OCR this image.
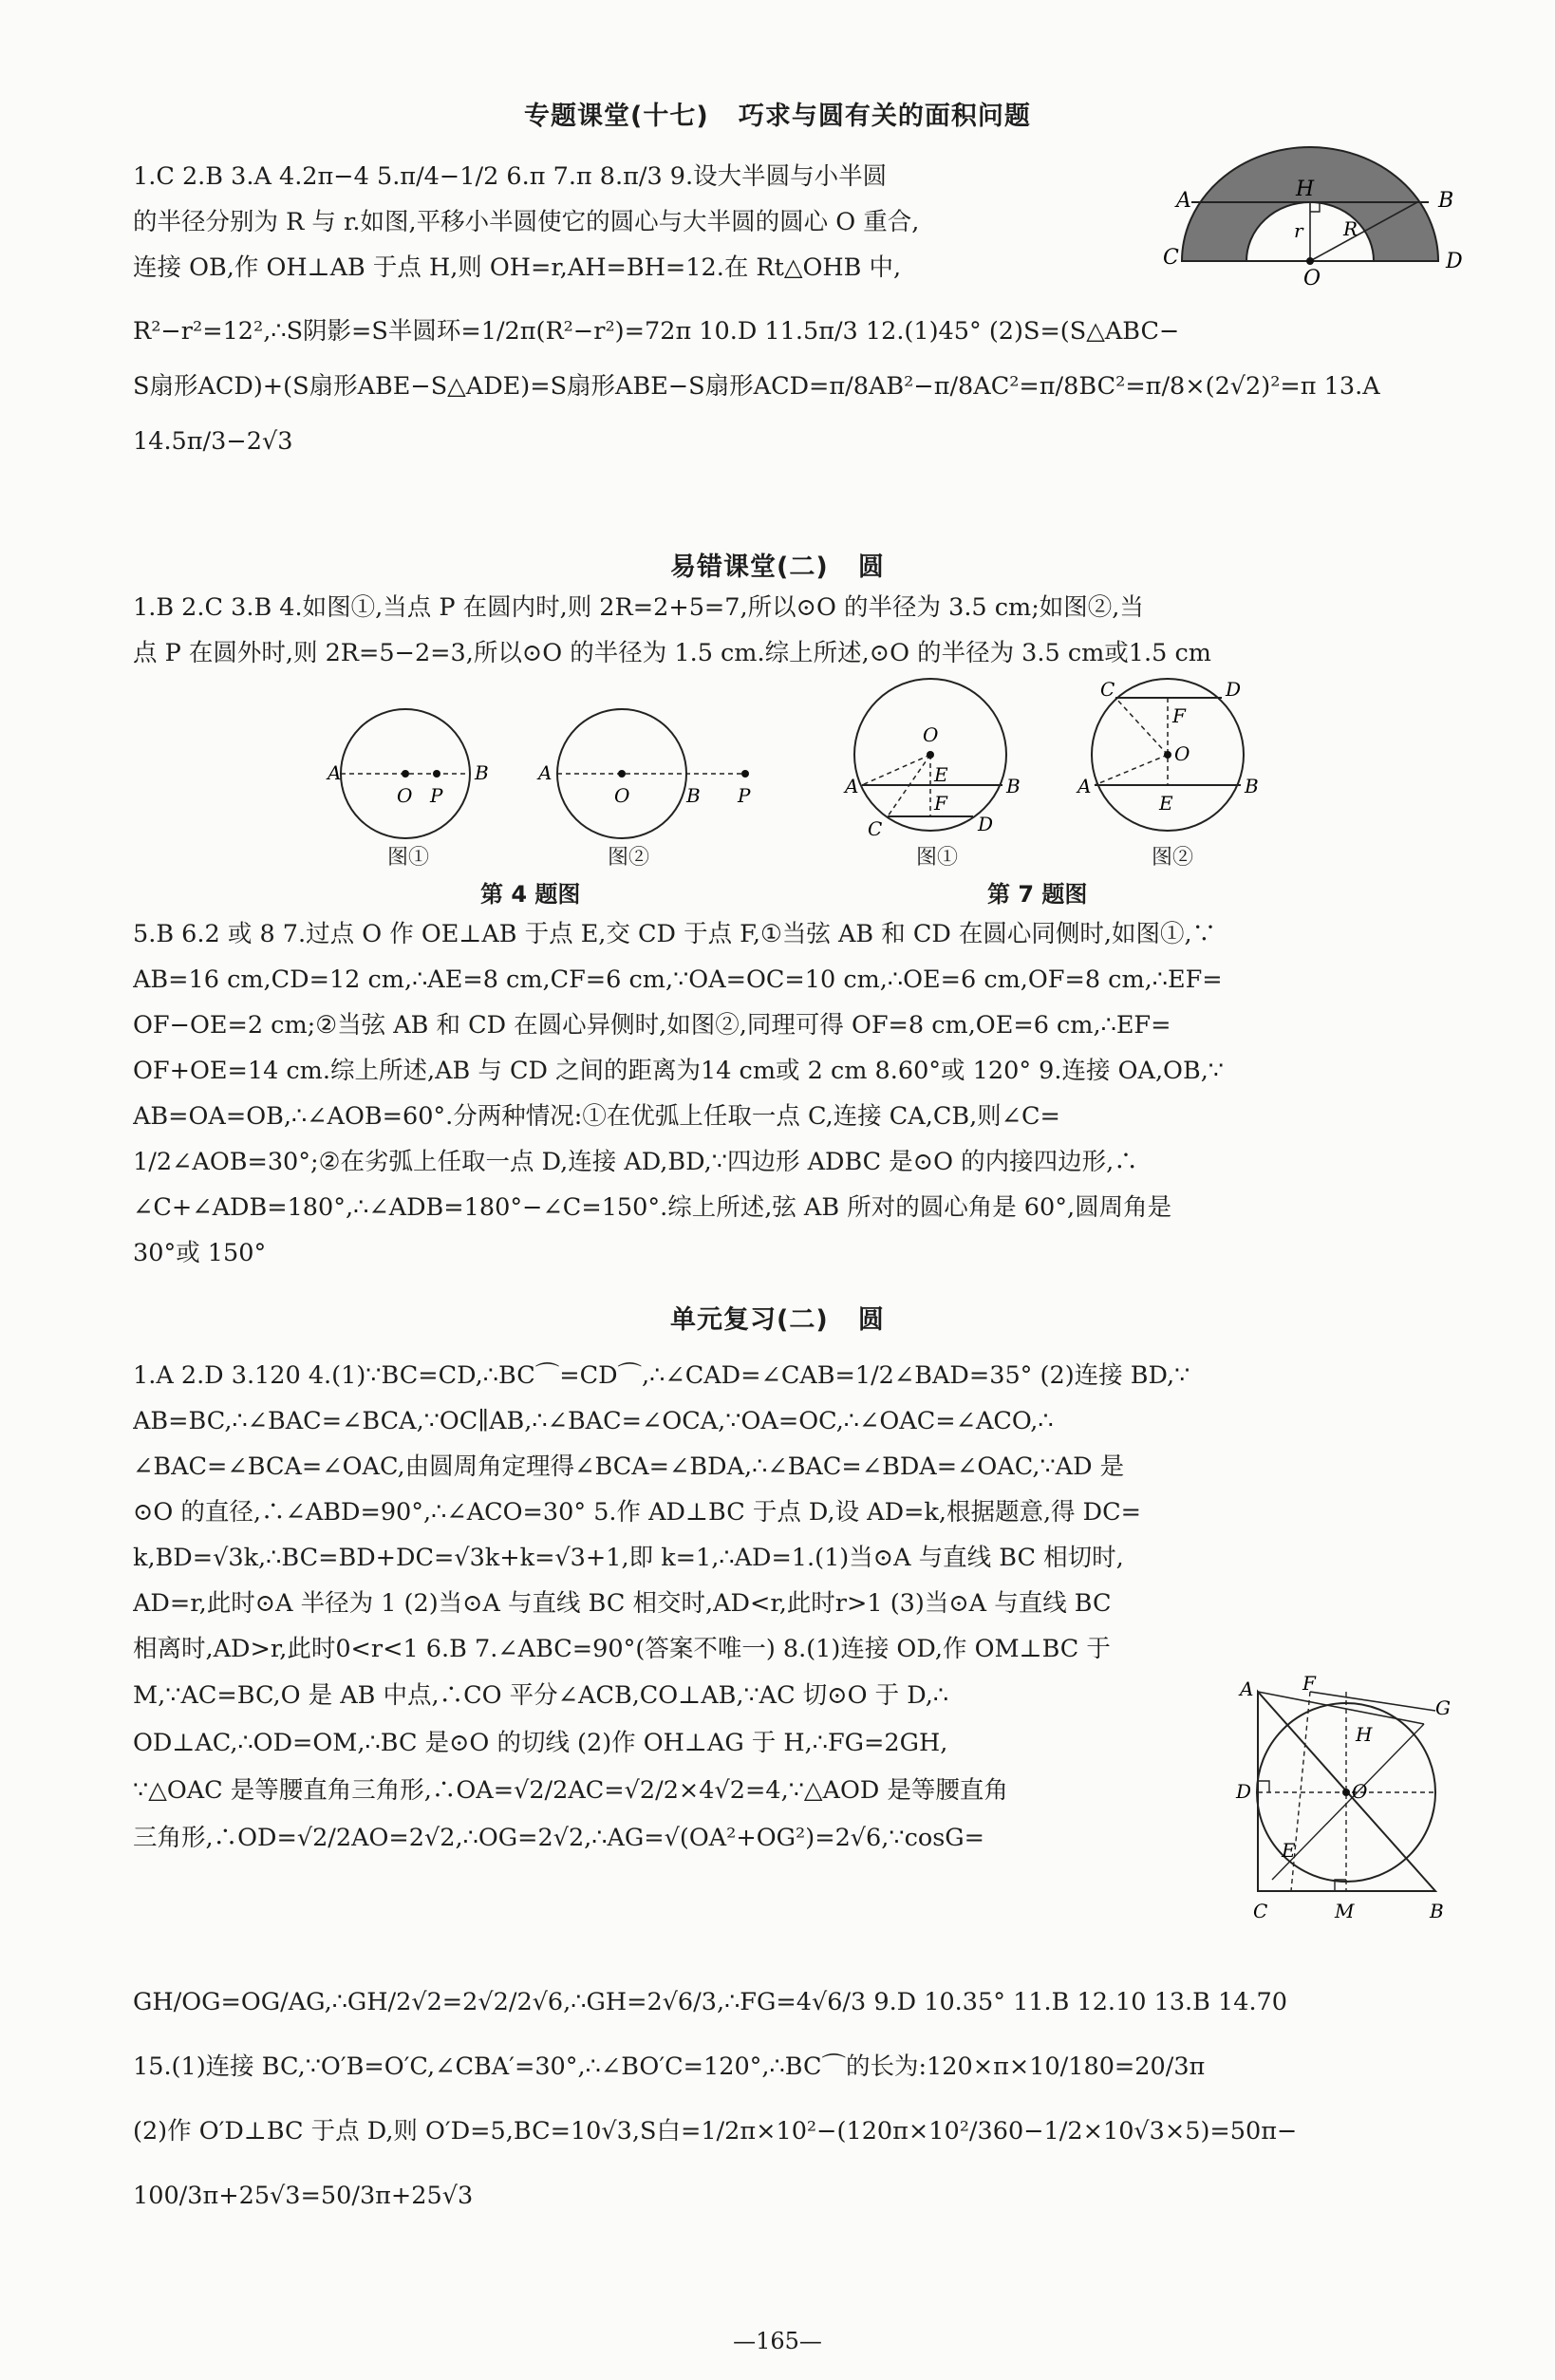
专题课堂(十七)   巧求与圆有关的面积问题
1.C 2.B 3.A 4.2π−4 5.π/4−1/2 6.π 7.π 8.π/3 9.设大半圆与小半圆
的半径分别为 R 与 r.如图,平移小半圆使它的圆心与大半圆的圆心 O 重合,
连接 OB,作 OH⊥AB 于点 H,则 OH=r,AH=BH=12.在 Rt△OHB 中,
R²−r²=12²,∴S阴影=S半圆环=1/2π(R²−r²)=72π 10.D 11.5π/3 12.(1)45° (2)S=(S△ABC−
S扇形ACD)+(S扇形ABE−S△ADE)=S扇形ABE−S扇形ACD=π/8AB²−π/8AC²=π/8BC²=π/8×(2√2)²=π 13.A
14.5π/3−2√3
A	H	B
r R
C
O
D
易错课堂(二)   圆
1.B 2.C 3.B 4.如图①,当点 P 在圆内时,则 2R=2+5=7,所以⊙O 的半径为 3.5 cm;如图②,当
点 P 在圆外时,则 2R=5−2=3,所以⊙O 的半径为 1.5 cm.综上所述,⊙O 的半径为 3.5 cm或1.5 cm
A
O P
B

图①

A
O	B P

图②

第 4 题图

O
A	B
E
F
C	D

图①

C	D
F
O
A	B
E

图②

第 7 题图

5.B 6.2 或 8 7.过点 O 作 OE⊥AB 于点 E,交 CD 于点 F,①当弦 AB 和 CD 在圆心同侧时,如图①,∵
AB=16 cm,CD=12 cm,∴AE=8 cm,CF=6 cm,∵OA=OC=10 cm,∴OE=6 cm,OF=8 cm,∴EF=
OF−OE=2 cm;②当弦 AB 和 CD 在圆心异侧时,如图②,同理可得 OF=8 cm,OE=6 cm,∴EF=
OF+OE=14 cm.综上所述,AB 与 CD 之间的距离为14 cm或 2 cm 8.60°或 120° 9.连接 OA,OB,∵
AB=OA=OB,∴∠AOB=60°.分两种情况:①在优弧上任取一点 C,连接 CA,CB,则∠C=
1/2∠AOB=30°;②在劣弧上任取一点 D,连接 AD,BD,∵四边形 ADBC 是⊙O 的内接四边形,∴
∠C+∠ADB=180°,∴∠ADB=180°−∠C=150°.综上所述,弦 AB 所对的圆心角是 60°,圆周角是
30°或 150°
单元复习(二)   圆
1.A 2.D 3.120 4.(1)∵BC=CD,∴BC⌒=CD⌒,∴∠CAD=∠CAB=1/2∠BAD=35° (2)连接 BD,∵
AB=BC,∴∠BAC=∠BCA,∵OC∥AB,∴∠BAC=∠OCA,∵OA=OC,∴∠OAC=∠ACO,∴
∠BAC=∠BCA=∠OAC,由圆周角定理得∠BCA=∠BDA,∴∠BAC=∠BDA=∠OAC,∵AD 是
⊙O 的直径,∴∠ABD=90°,∴∠ACO=30° 5.作 AD⊥BC 于点 D,设 AD=k,根据题意,得 DC=
k,BD=√3k,∴BC=BD+DC=√3k+k=√3+1,即 k=1,∴AD=1.(1)当⊙A 与直线 BC 相切时,
AD=r,此时⊙A 半径为 1 (2)当⊙A 与直线 BC 相交时,AD<r,此时r>1 (3)当⊙A 与直线 BC
相离时,AD>r,此时0<r<1 6.B 7.∠ABC=90°(答案不唯一) 8.(1)连接 OD,作 OM⊥BC 于
M,∵AC=BC,O 是 AB 中点,∴CO 平分∠ACB,CO⊥AB,∵AC 切⊙O 于 D,∴
OD⊥AC,∴OD=OM,∴BC 是⊙O 的切线 (2)作 OH⊥AG 于 H,∴FG=2GH,
∵△OAC 是等腰直角三角形,∴OA=√2/2AC=√2/2×4√2=4,∵△AOD 是等腰直角
三角形,∴OD=√2/2AO=2√2,∴OG=2√2,∴AG=√(OA²+OG²)=2√6,∵cosG=
GH/OG=OG/AG,∴GH/2√2=2√2/2√6,∴GH=2√6/3,∴FG=4√6/3 9.D 10.35° 11.B 12.10 13.B 14.70
15.(1)连接 BC,∵O′B=O′C,∠CBA′=30°,∴∠BO′C=120°,∴BC⌒的长为:120×π×10/180=20/3π
(2)作 O′D⊥BC 于点 D,则 O′D=5,BC=10√3,S白=1/2π×10²−(120π×10²/360−1/2×10√3×5)=50π−
100/3π+25√3=50/3π+25√3
A	F
G
H
D	O
E
C	M	B

—165—
